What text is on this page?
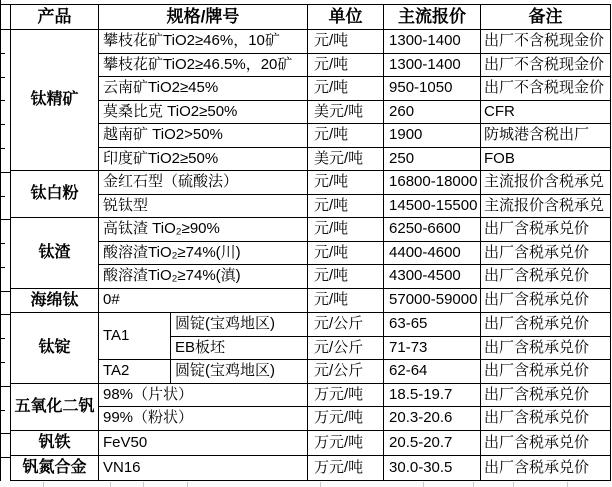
产品	规格/牌号		单位	主流报价	备注
钛精矿	攀枝花矿TiO2≥46%，10矿		元/吨	1300-1400	出厂不含税现金价
	攀枝花矿TiO2≥46.5%，20矿		元/吨	1300-1400	出厂不含税现金价
	云南矿TiO2≥45%		元/吨	950-1050	出厂不含税现金价
	莫桑比克 TiO2≥50%		美元/吨	260	CFR
	越南矿 TiO2>50%		元/吨	1900	防城港含税出厂
	印度矿TiO2≥50%		美元/吨	250	FOB
钛白粉	金红石型（硫酸法）		元/吨	16800-18000	主流报价含税承兑
	锐钛型		元/吨	14500-15500	主流报价含税承兑
钛渣	高钛渣 TiO₂≥90%		元/吨	6250-6600	出厂含税承兑价
	酸溶渣TiO₂≥74%(川)		元/吨	4400-4600	出厂含税承兑价
	酸溶渣TiO₂≥74%(滇)		元/吨	4300-4500	出厂含税承兑价
海绵钛	0#		元/吨	57000-59000	出厂含税承兑价
钛锭	TA1	圆锭(宝鸡地区)	元/公斤	63-65	出厂含税承兑价
		EB板坯	元/公斤	71-73	出厂含税承兑价
	TA2	圆锭(宝鸡地区)	元/公斤	62-64	出厂含税承兑价
五氧化二钒	98%（片状）		万元/吨	18.5-19.7	出厂含税承兑价
	99%（粉状）		万元/吨	20.3-20.6	出厂含税承兑价
钒铁	FeV50		万元/吨	20.5-20.7	出厂含税承兑价
钒氮合金	VN16		万元/吨	30.0-30.5	出厂含税承兑价
